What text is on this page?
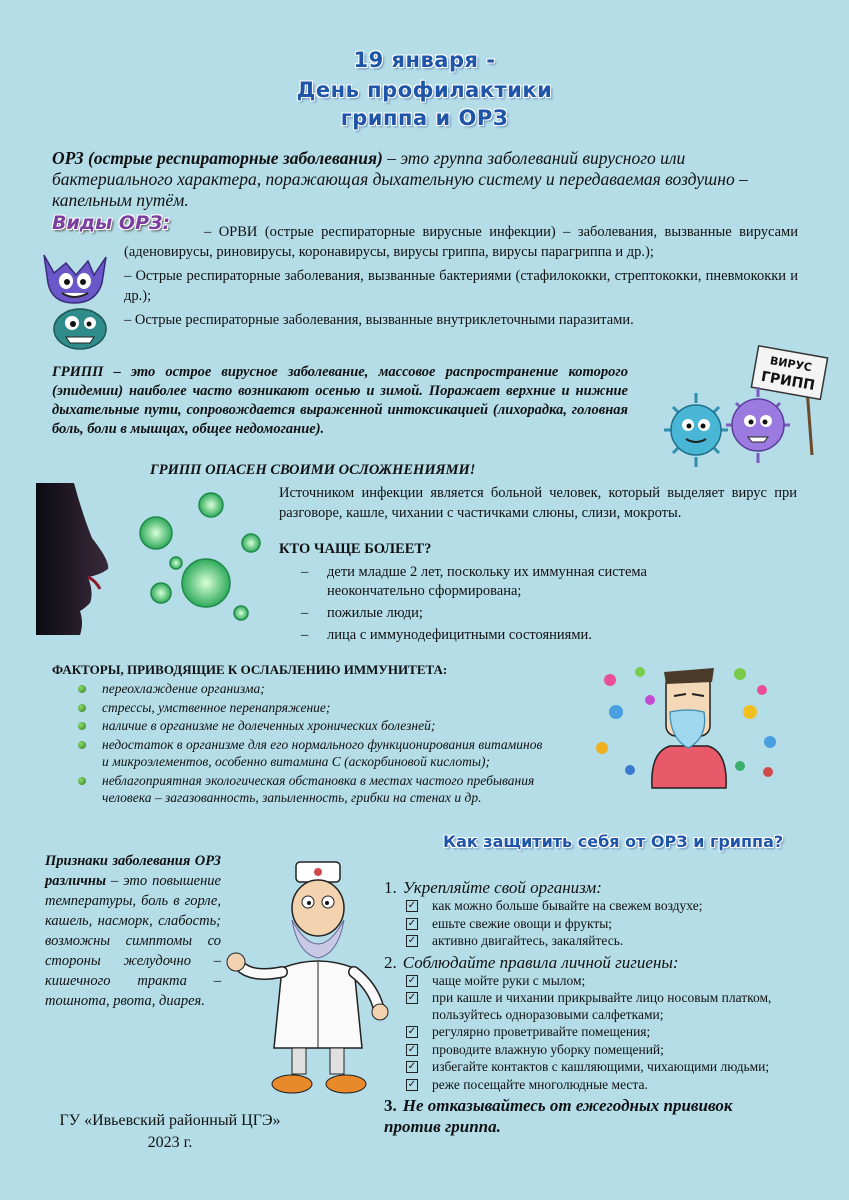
19 января -
День профилактики
гриппа и ОРЗ
ОРЗ (острые респираторные заболевания) – это группа заболеваний вирусного или бактериального характера, поражающая дыхательную систему и передаваемая воздушно – капельным путём.
Виды ОРЗ:	– ОРВИ (острые респираторные вирусные инфекции) – заболевания, вызванные вирусами (аденовирусы, риновирусы, коронавирусы, вирусы гриппа, вирусы парагриппа и др.);
– Острые респираторные заболевания, вызванные бактериями (стафилококки, стрептококки, пневмококки и др.);
– Острые респираторные заболевания, вызванные внутриклеточными паразитами.
ГРИПП – это острое вирусное заболевание, массовое распространение которого (эпидемии) наиболее часто возникают осенью и зимой. Поражает верхние и нижние дыхательные пути, сопровождается выраженной интоксикацией (лихорадка, головная боль, боли в мышцах, общее недомогание).
ВИРУС
ГРИПП
ГРИПП ОПАСЕН СВОИМИ ОСЛОЖНЕНИЯМИ!
Источником инфекции является больной человек, который выделяет вирус при разговоре, кашле, чихании с частичками слюны, слизи, мокроты.
КТО ЧАЩЕ БОЛЕЕТ?
– дети младше 2 лет, поскольку их иммунная система неокончательно сформирована;
– пожилые люди;
– лица с иммунодефицитными состояниями.
ФАКТОРЫ, ПРИВОДЯЩИЕ К ОСЛАБЛЕНИЮ ИММУНИТЕТА:
переохлаждение организма;
стрессы, умственное перенапряжение;
наличие в организме не долеченных хронических болезней;
недостаток в организме для его нормального функционирования витаминов и микроэлементов, особенно витамина С (аскорбиновой кислоты);
неблагоприятная экологическая обстановка в местах частого пребывания человека – загазованность, запыленность, грибки на стенах и др.
Как защитить себя от ОРЗ и гриппа?
Признаки заболевания ОРЗ различны – это повышение температуры, боль в горле, кашель, насморк, слабость; возможны симптомы со стороны желудочно – кишечного тракта – тошнота, рвота, диарея.
1. Укрепляйте свой организм:
✓ как можно больше бывайте на свежем воздухе;
✓ ешьте свежие овощи и фрукты;
✓ активно двигайтесь, закаляйтесь.
2. Соблюдайте правила личной гигиены:
✓ чаще мойте руки с мылом;
✓ при кашле и чихании прикрывайте лицо носовым платком, пользуйтесь одноразовыми салфетками;
✓ регулярно проветривайте помещения;
✓ проводите влажную уборку помещений;
✓ избегайте контактов с кашляющими, чихающими людьми;
✓ реже посещайте многолюдные места.
3. Не отказывайтесь от ежегодных прививок против гриппа.
ГУ «Ивьевский районный ЦГЭ»
2023 г.
